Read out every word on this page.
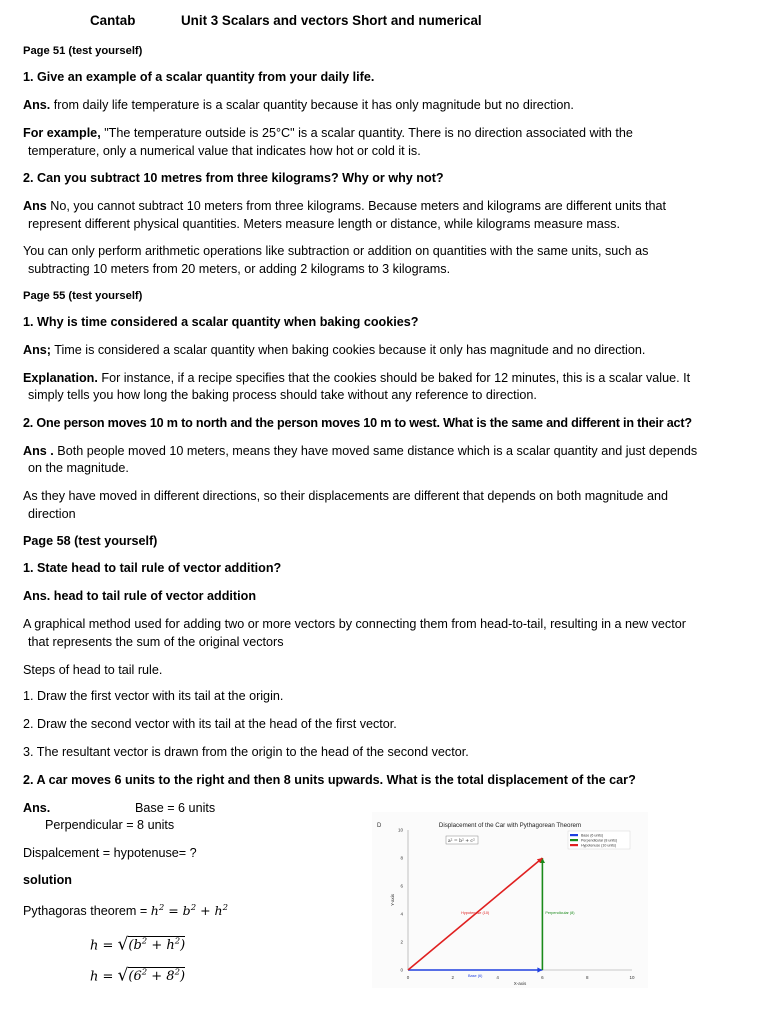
Cantab	Unit 3 Scalars and vectors Short and numerical
Page 51 (test yourself)
1. Give an example of a scalar quantity from your daily life.
Ans. from daily life temperature is a scalar quantity because it has only magnitude but no direction.
For example, "The temperature outside is 25°C" is a scalar quantity. There is no direction associated with the
temperature, only a numerical value that indicates how hot or cold it is.
2. Can you subtract 10 metres from three kilograms? Why or why not?
Ans No, you cannot subtract 10 meters from three kilograms. Because meters and kilograms are different units that
represent different physical quantities. Meters measure length or distance, while kilograms measure mass.
You can only perform arithmetic operations like subtraction or addition on quantities with the same units, such as
subtracting 10 meters from 20 meters, or adding 2 kilograms to 3 kilograms.
Page 55 (test yourself)
1. Why is time considered a scalar quantity when baking cookies?
Ans; Time is considered a scalar quantity when baking cookies because it only has magnitude and no direction.
Explanation. For instance, if a recipe specifies that the cookies should be baked for 12 minutes, this is a scalar value. It
simply tells you how long the baking process should take without any reference to direction.
2. One person moves 10 m to north and the person moves 10 m to west. What is the same and different in their act?
Ans . Both people moved 10 meters, means they have moved same distance which is a scalar quantity and just depends
on the magnitude.
As they have moved in different directions, so their displacements are different that depends on both magnitude and
direction
Page 58 (test yourself)
1. State head to tail rule of vector addition?
Ans. head to tail rule of vector addition
A graphical method used for adding two or more vectors by connecting them from head-to-tail, resulting in a new vector
that represents the sum of the original vectors
Steps of head to tail rule.
1. Draw the first vector with its tail at the origin.
2. Draw the second vector with its tail at the head of the first vector.
3. The resultant vector is drawn from the origin to the head of the second vector.
2. A car moves 6 units to the right and then 8 units upwards. What is the total displacement of the car?
Ans.	Base = 6 units
Perpendicular = 8 units
Dispalcement = hypotenuse= ?
solution
Pythagoras theorem = $h^2 = b^2 + h^2$
$h = √(b^2 + h^2)$
$h = √(6^2 + 8^2)$
Displacement of the Car with Pythagorean Theorem
0	2	4	6	8	10
0
2
4
6
8
10
X-axis
Y-axis
D
a² = b² + c²
Base (6)
Perpendicular (8)
Hypotenuse (10)
Base (6 units)
Perpendicular (8 units)
Hypotenuse (10 units)
